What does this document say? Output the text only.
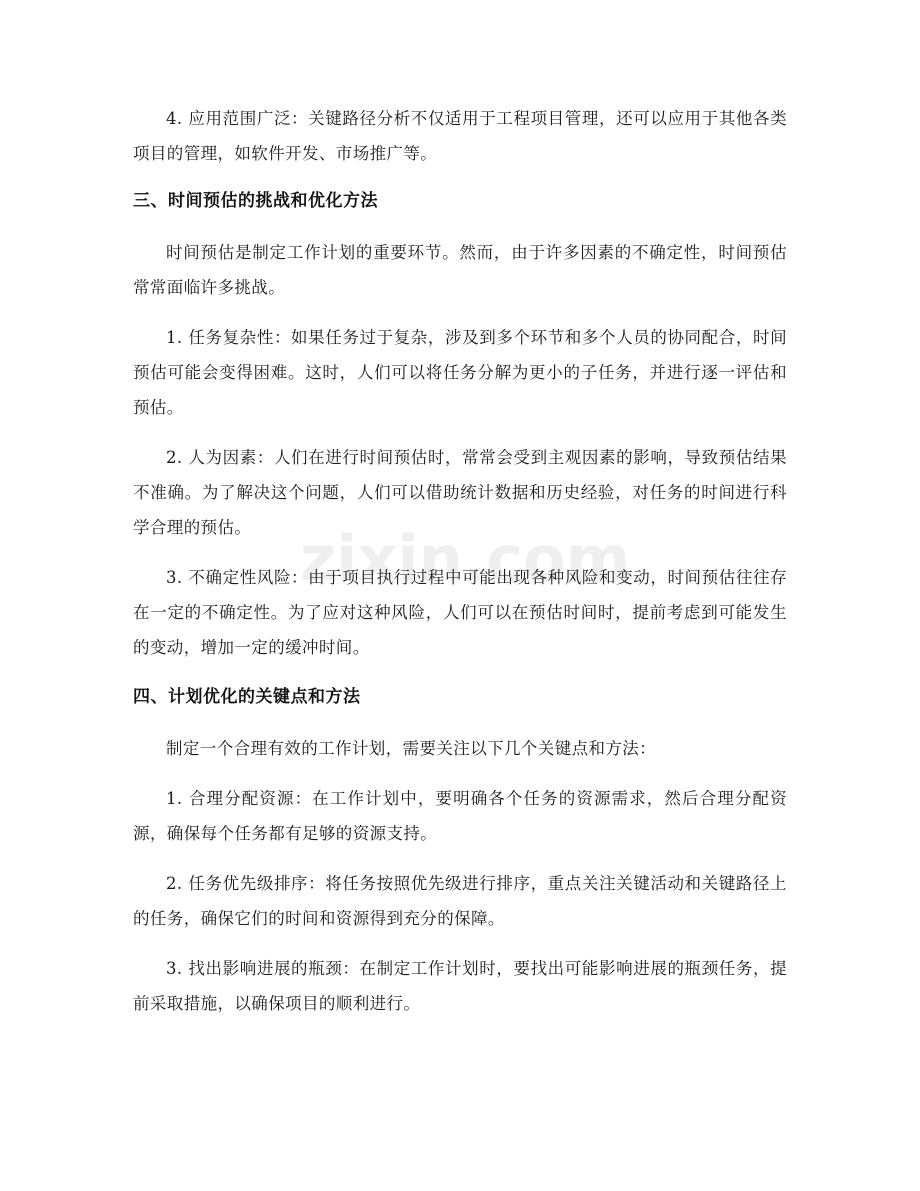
zixin.com

4. 应用范围广泛：关键路径分析不仅适用于工程项目管理，还可以应用于其他各类项目的管理，如软件开发、市场推广等。

三、时间预估的挑战和优化方法

时间预估是制定工作计划的重要环节。然而，由于许多因素的不确定性，时间预估常常面临许多挑战。

1. 任务复杂性：如果任务过于复杂，涉及到多个环节和多个人员的协同配合，时间预估可能会变得困难。这时，人们可以将任务分解为更小的子任务，并进行逐一评估和预估。

2. 人为因素：人们在进行时间预估时，常常会受到主观因素的影响，导致预估结果不准确。为了解决这个问题，人们可以借助统计数据和历史经验，对任务的时间进行科学合理的预估。

3. 不确定性风险：由于项目执行过程中可能出现各种风险和变动，时间预估往往存在一定的不确定性。为了应对这种风险，人们可以在预估时间时，提前考虑到可能发生的变动，增加一定的缓冲时间。

四、计划优化的关键点和方法

制定一个合理有效的工作计划，需要关注以下几个关键点和方法：

1. 合理分配资源：在工作计划中，要明确各个任务的资源需求，然后合理分配资源，确保每个任务都有足够的资源支持。

2. 任务优先级排序：将任务按照优先级进行排序，重点关注关键活动和关键路径上的任务，确保它们的时间和资源得到充分的保障。

3. 找出影响进展的瓶颈：在制定工作计划时，要找出可能影响进展的瓶颈任务，提前采取措施，以确保项目的顺利进行。
